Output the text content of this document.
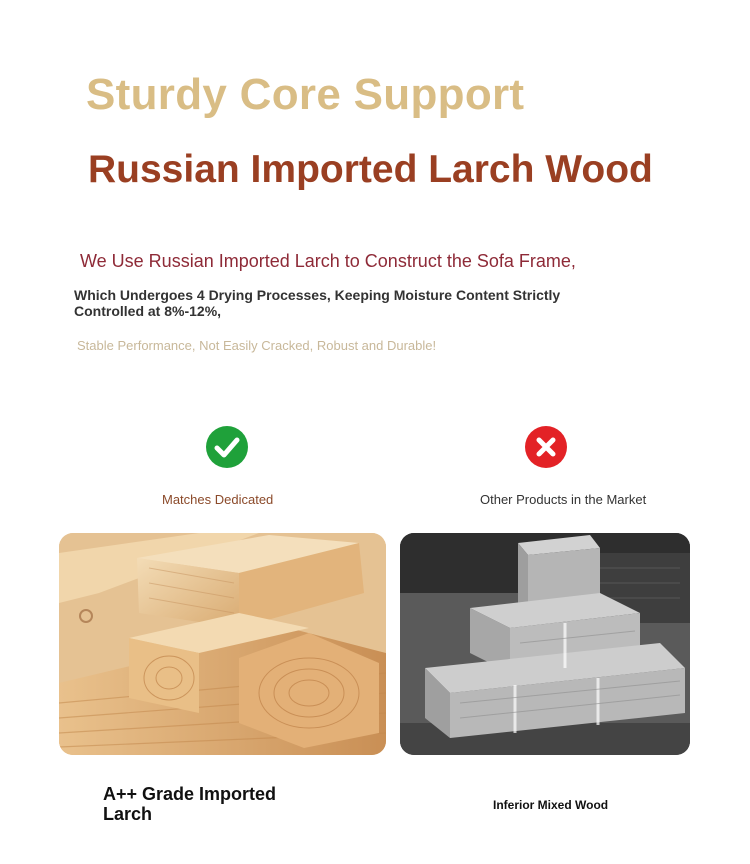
Sturdy Core Support
Russian Imported Larch Wood
We Use Russian Imported Larch to Construct the Sofa Frame,
Which Undergoes 4 Drying Processes, Keeping Moisture Content Strictly Controlled at 8%-12%,
Stable Performance, Not Easily Cracked, Robust and Durable!
Matches Dedicated	Other Products in the Market
A++ Grade Imported Larch	Inferior Mixed Wood
